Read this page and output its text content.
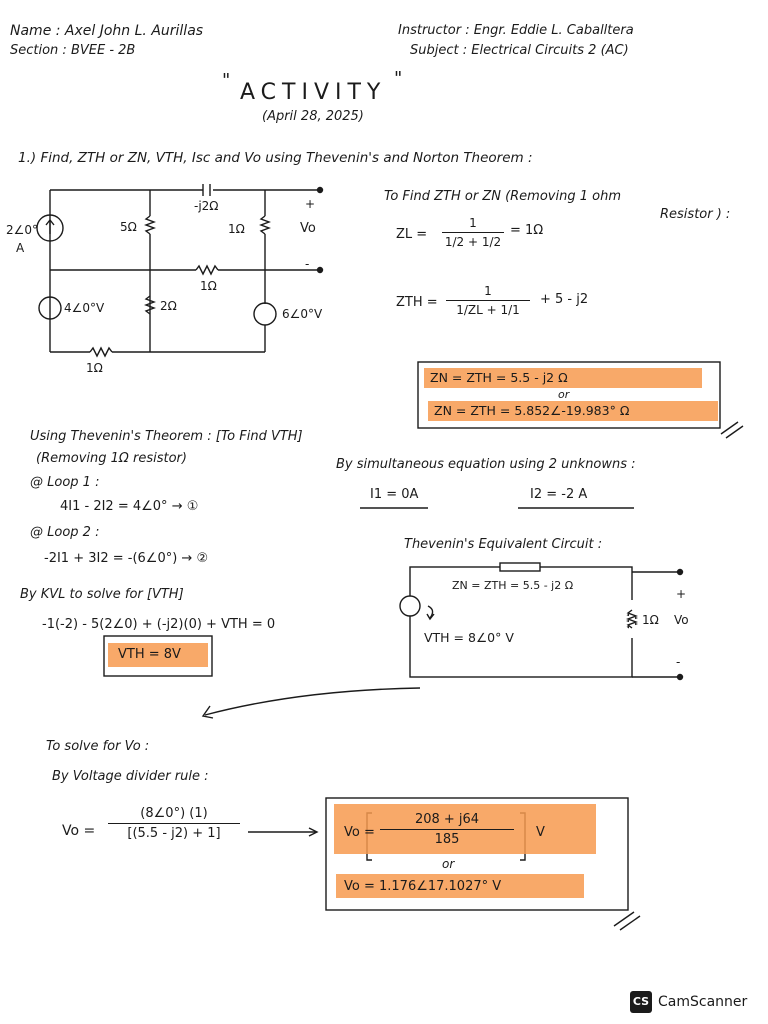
Name : Axel John L. Aurillas
Section : BVEE - 2B
Instructor : Engr. Eddie L. Caballtera
Subject : Electrical Circuits 2 (AC)
" ACTIVITY
"
(April 28, 2025)
1.) Find, ZTH or ZN, VTH, Isc and Vo using Thevenin's and Norton Theorem :
2∠0°
A
5Ω
-j2Ω
1Ω	Vo
+
-
1Ω
4∠0°V	2Ω
6∠0°V
1Ω
To Find ZTH or ZN (Removing 1 ohm
Resistor ) :
ZL =
1
1/2 + 1/2
= 1Ω
ZTH =
1
1/ZL + 1/1
+ 5 - j2
ZN = ZTH = 5.5 - j2 Ω
or
ZN = ZTH = 5.852∠-19.983° Ω
Using Thevenin's Theorem : [To Find VTH]
(Removing 1Ω resistor)
@ Loop 1 :
4I1 - 2I2 = 4∠0° → ①
@ Loop 2 :
-2I1 + 3I2 = -(6∠0°) → ②
By simultaneous equation using 2 unknowns :
I1 = 0A	I2 = -2 A
By KVL to solve for [VTH]
-1(-2) - 5(2∠0) + (-j2)(0) + VTH = 0
VTH = 8V
Thevenin's Equivalent Circuit :
ZN = ZTH = 5.5 - j2 Ω
VTH = 8∠0° V
1Ω Vo
+
-
To solve for Vo :
By Voltage divider rule :
Vo =
(8∠0°) (1)
[(5.5 - j2) + 1]	Vo =
208 + j64
185	V
or
Vo = 1.176∠17.1027° V
CS CamScanner
